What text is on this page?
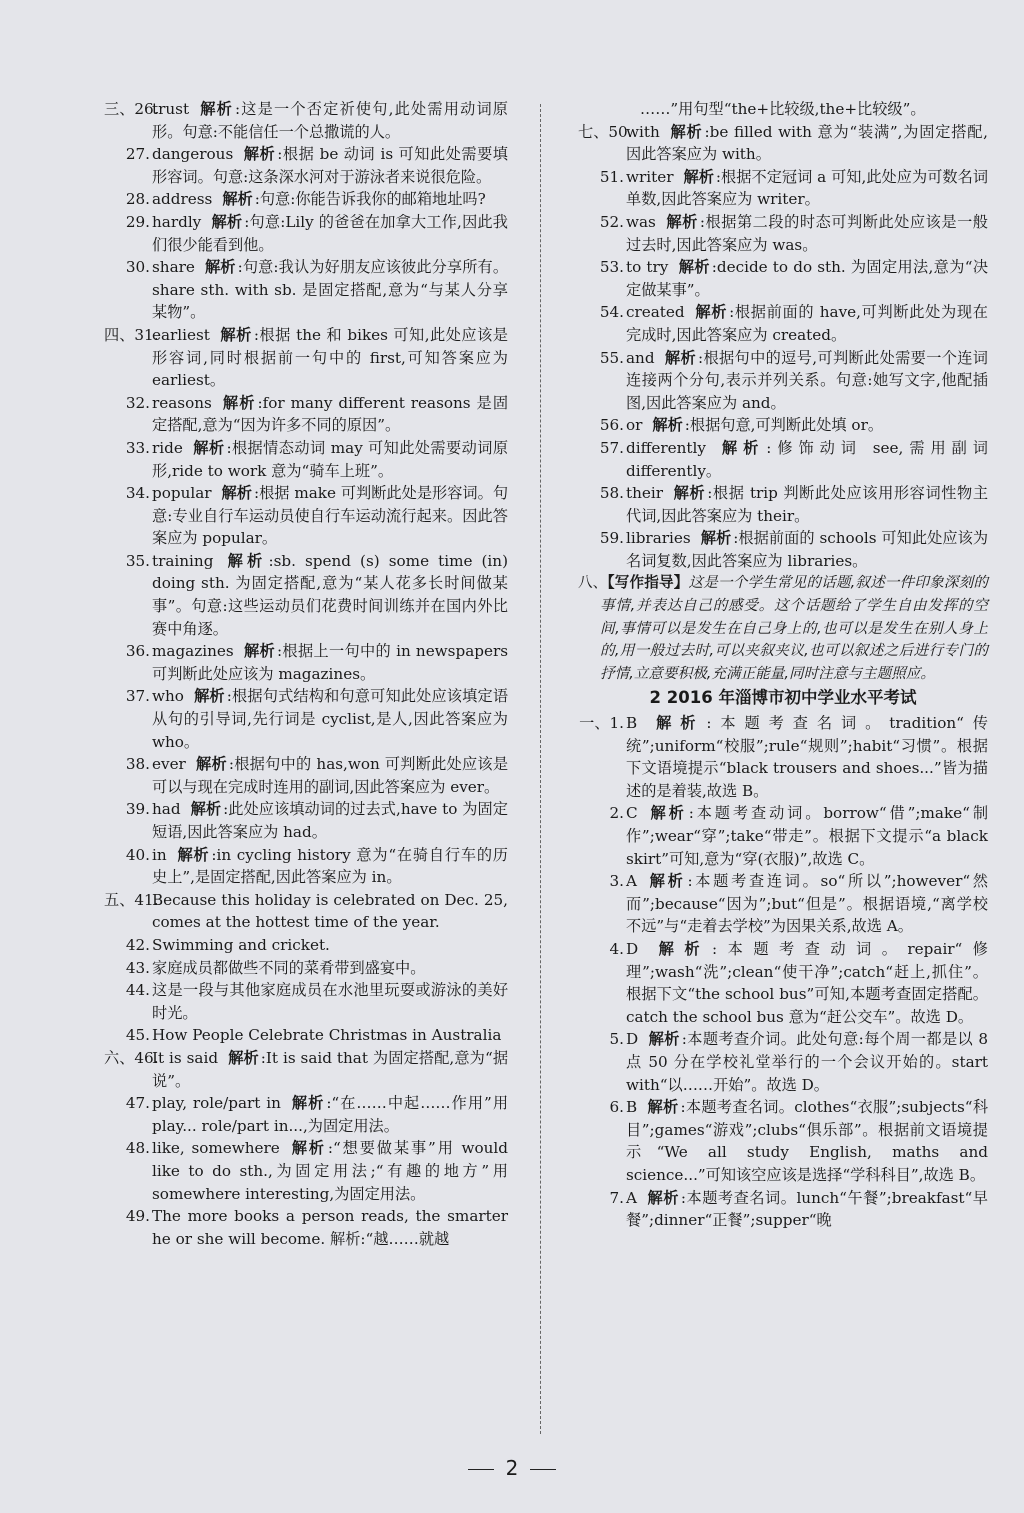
三、26.
trust 解析 :这是一个否定祈使句,此处需用动词原形。句意:不能信任一个总撒谎的人。
27. dangerous 解析 :根据 be 动词 is 可知此处需要填形容词。句意:这条深水河对于游泳者来说很危险。
28. address 解析 :句意:你能告诉我你的邮箱地址吗?
29. hardly 解析 :句意:Lily 的爸爸在加拿大工作,因此我们很少能看到他。
30. share 解析 :句意:我认为好朋友应该彼此分享所有。share sth. with sb. 是固定搭配,意为“与某人分享某物”。
四、31.
earliest 解析 :根据 the 和 bikes 可知,此处应该是形容词,同时根据前一句中的 first,可知答案应为 earliest。
32. reasons 解析 :for many different reasons 是固定搭配,意为“因为许多不同的原因”。
33. ride 解析 :根据情态动词 may 可知此处需要动词原形,ride to work 意为“骑车上班”。
34. popular 解析 :根据 make 可判断此处是形容词。句意:专业自行车运动员使自行车运动流行起来。因此答案应为 popular。
35. training 解析 :sb. spend (s) some time (in) doing sth. 为固定搭配,意为“某人花多长时间做某事”。句意:这些运动员们花费时间训练并在国内外比赛中角逐。
36. magazines 解析 :根据上一句中的 in newspapers 可判断此处应该为 magazines。
37. who 解析 :根据句式结构和句意可知此处应该填定语从句的引导词,先行词是 cyclist,是人,因此答案应为 who。
38. ever 解析 :根据句中的 has,won 可判断此处应该是可以与现在完成时连用的副词,因此答案应为 ever。
39. had 解析 :此处应该填动词的过去式,have to 为固定短语,因此答案应为 had。
40. in 解析 :in cycling history 意为“在骑自行车的历史上”,是固定搭配,因此答案应为 in。
五、41.
Because this holiday is celebrated on Dec. 25, comes at the hottest time of the year.
42. Swimming and cricket.
43. 家庭成员都做些不同的菜肴带到盛宴中。
44. 这是一段与其他家庭成员在水池里玩耍或游泳的美好时光。
45. How People Celebrate Christmas in Australia
六、46.
It is said 解析 :It is said that 为固定搭配,意为“据说”。
47. play, role/part in 解析 :“在……中起……作用”用 play... role/part in...,为固定用法。
48. like, somewhere 解析 :“想要做某事”用 would like to do sth.,为固定用法;“有趣的地方”用 somewhere interesting,为固定用法。
49. The more books a person reads, the smarter he or she will become. 解析:“越……就越
……”用句型“the+比较级,the+比较级”。
七、50.
with 解析 :be filled with 意为“装满”,为固定搭配,因此答案应为 with。
51. writer 解析 :根据不定冠词 a 可知,此处应为可数名词单数,因此答案应为 writer。
52. was 解析 :根据第二段的时态可判断此处应该是一般过去时,因此答案应为 was。
53. to try 解析 :decide to do sth. 为固定用法,意为“决定做某事”。
54. created 解析 :根据前面的 have,可判断此处为现在完成时,因此答案应为 created。
55. and 解析 :根据句中的逗号,可判断此处需要一个连词连接两个分句,表示并列关系。句意:她写文字,他配插图,因此答案应为 and。
56. or 解析 :根据句意,可判断此处填 or。
57. differently 解析 :修饰动词 see,需用副词 differently。
58. their 解析 :根据 trip 判断此处应该用形容词性物主代词,因此答案应为 their。
59. libraries 解析 :根据前面的 schools 可知此处应该为名词复数,因此答案应为 libraries。
八、
【写作指导】这是一个学生常见的话题,叙述一件印象深刻的事情,并表达自己的感受。这个话题给了学生自由发挥的空间,事情可以是发生在自己身上的,也可以是发生在别人身上的,用一般过去时,可以夹叙夹议,也可以叙述之后进行专门的抒情,立意要积极,充满正能量,同时注意与主题照应。
2 2016 年淄博市初中学业水平考试
一、1. B 解析 :本题考查名词。tradition“传统”;uniform“校服”;rule“规则”;habit“习惯”。根据下文语境提示“black trousers and shoes...”皆为描述的是着装,故选 B。
2. C 解析 :本题考查动词。borrow“借”;make“制作”;wear“穿”;take“带走”。根据下文提示“a black skirt”可知,意为“穿(衣服)”,故选 C。
3. A 解析 :本题考查连词。so“所以”;however“然而”;because“因为”;but“但是”。根据语境,“离学校不远”与“走着去学校”为因果关系,故选 A。
4. D 解析 :本题考查动词。repair“修理”;wash“洗”;clean“使干净”;catch“赶上,抓住”。根据下文“the school bus”可知,本题考查固定搭配。catch the school bus 意为“赶公交车”。故选 D。
5. D 解析 :本题考查介词。此处句意:每个周一都是以 8 点 50 分在学校礼堂举行的一个会议开始的。start with“以……开始”。故选 D。
6. B 解析 :本题考查名词。clothes“衣服”;subjects“科目”;games“游戏”;clubs“俱乐部”。根据前文语境提示“We all study English, maths and science...”可知该空应该是选择“学科科目”,故选 B。
7. A 解析 :本题考查名词。lunch“午餐”;breakfast“早餐”;dinner“正餐”;supper“晚
2
